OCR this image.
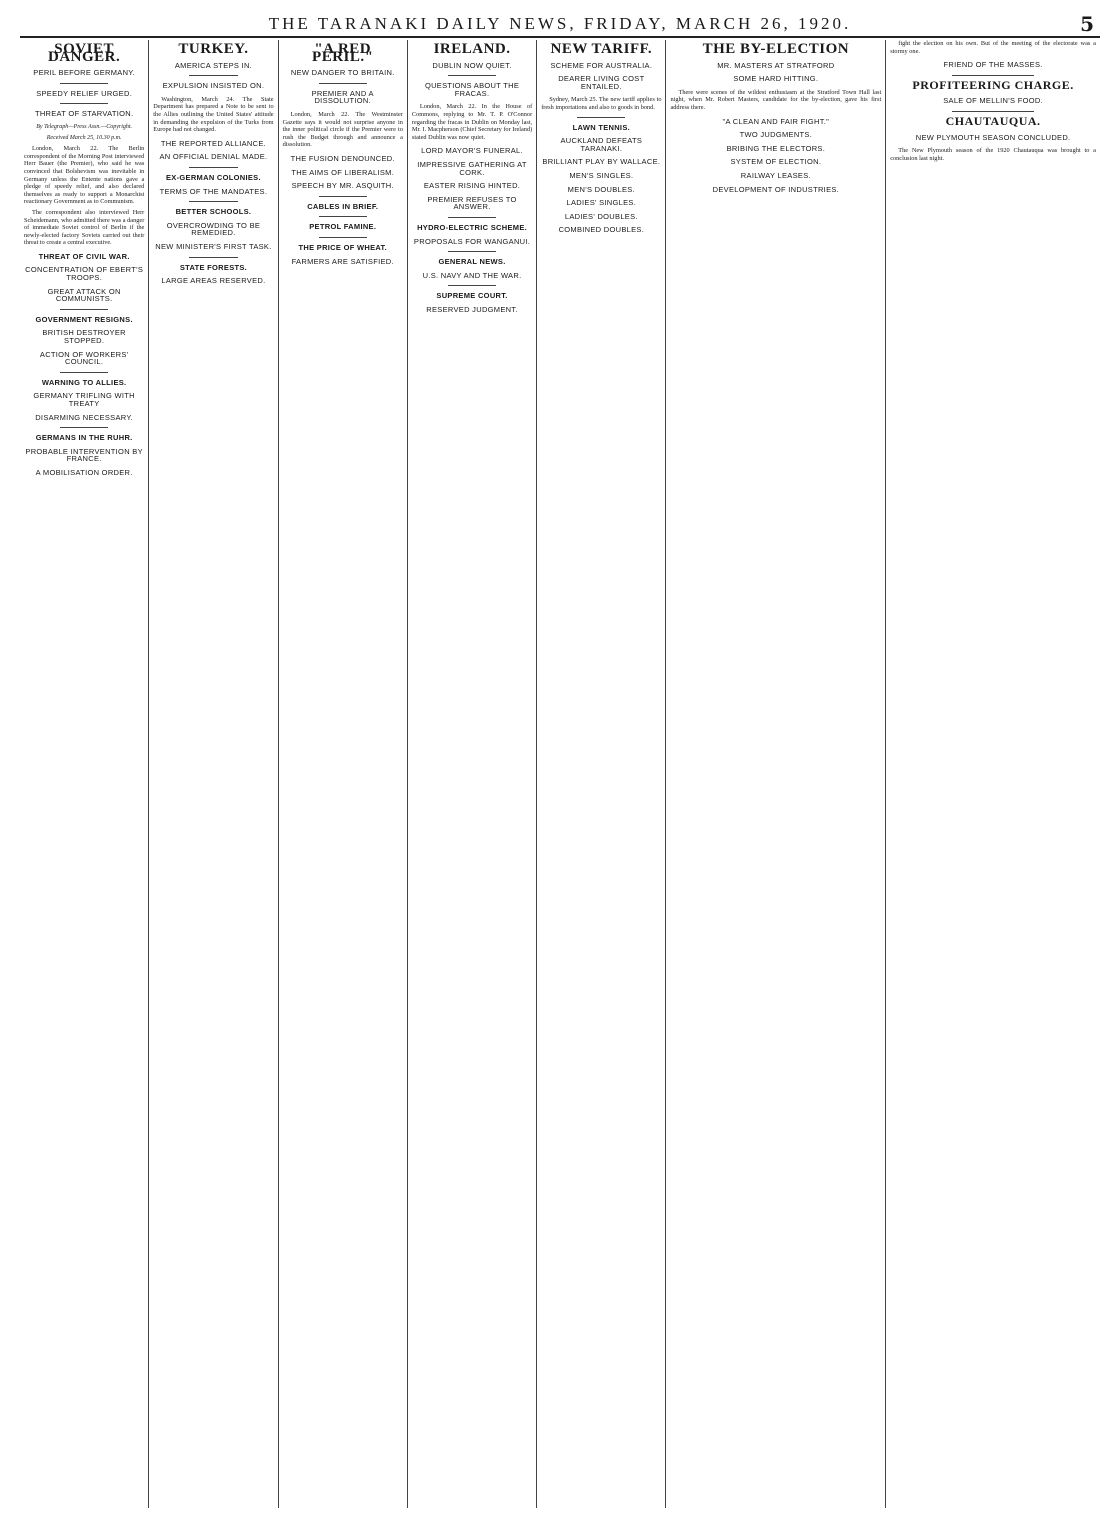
THE TARANAKI DAILY NEWS, FRIDAY, MARCH 26, 1920.	5
SOVIET DANGER.
PERIL BEFORE GERMANY.
SPEEDY RELIEF URGED.
THREAT OF STARVATION.
By Telegraph—Press Assn.—Copyright.
Received March 25, 10.30 p.m.

London, March 22. The Berlin correspondent of the Morning Post interviewed Herr Bauer (the Premier), who said he was convinced that Bolshevism was inevitable in Germany unless the Entente nations gave a pledge of speedy relief, and also declared themselves as ready to support a Monarchist reactionary Government as to Communism.

The correspondent also interviewed Herr Scheidemann, who admitted there was a danger of immediate Soviet control of Berlin if the newly-elected factory Soviets carried out their threat to create a central executive.

THREAT OF CIVIL WAR.
CONCENTRATION OF EBERT'S TROOPS.
GREAT ATTACK ON COMMUNISTS.
GOVERNMENT RESIGNS.
BRITISH DESTROYER STOPPED.
ACTION OF WORKERS' COUNCIL.
WARNING TO ALLIES.
GERMANY TRIFLING WITH TREATY
DISARMING NECESSARY.
GERMANS IN THE RUHR.
PROBABLE INTERVENTION BY FRANCE.
A MOBILISATION ORDER.
TURKEY.
AMERICA STEPS IN.
EXPULSION INSISTED ON.

Washington, March 24. The State Department has prepared a Note to be sent to the Allies outlining the United States' attitude in demanding the expulsion of the Turks from Europe had not changed.

THE REPORTED ALLIANCE.
AN OFFICIAL DENIAL MADE.
EX-GERMAN COLONIES.
TERMS OF THE MANDATES.
BETTER SCHOOLS.
OVERCROWDING TO BE REMEDIED.
NEW MINISTER'S FIRST TASK.
STATE FORESTS.
LARGE AREAS RESERVED.
"A RED PERIL."
NEW DANGER TO BRITAIN.
PREMIER AND A DISSOLUTION.

London, March 22. The Westminster Gazette says it would not surprise anyone in the inner political circle if the Premier were to rush the Budget through and announce a dissolution.

THE FUSION DENOUNCED.
THE AIMS OF LIBERALISM.
SPEECH BY MR. ASQUITH.
CABLES IN BRIEF.
PETROL FAMINE.
THE PRICE OF WHEAT.
FARMERS ARE SATISFIED.
IRELAND.
DUBLIN NOW QUIET.
QUESTIONS ABOUT THE FRACAS.

London, March 22. In the House of Commons, replying to Mr. T. P. O'Connor regarding the fracas in Dublin on Monday last, Mr. I. Macpherson (Chief Secretary for Ireland) stated Dublin was now quiet.

LORD MAYOR'S FUNERAL.
IMPRESSIVE GATHERING AT CORK.
EASTER RISING HINTED.
PREMIER REFUSES TO ANSWER.
HYDRO-ELECTRIC SCHEME.
PROPOSALS FOR WANGANUI.
GENERAL NEWS.
U.S. NAVY AND THE WAR.
SUPREME COURT.
RESERVED JUDGMENT.
NEW TARIFF.
SCHEME FOR AUSTRALIA.
DEARER LIVING COST ENTAILED.

Sydney, March 25. The new tariff applies to fresh importations and also to goods in bond.

LAWN TENNIS.
AUCKLAND DEFEATS TARANAKI.
BRILLIANT PLAY BY WALLACE.
MEN'S SINGLES.
MEN'S DOUBLES.
LADIES' SINGLES.
LADIES' DOUBLES.
COMBINED DOUBLES.
THE BY-ELECTION
MR. MASTERS AT STRATFORD
SOME HARD HITTING.

There were scenes of the wildest enthusiasm at the Stratford Town Hall last night, when Mr. Robert Masters, candidate for the by-election, gave his first address there.

"A CLEAN AND FAIR FIGHT."
TWO JUDGMENTS.
BRIBING THE ELECTORS.
SYSTEM OF ELECTION.
RAILWAY LEASES.
DEVELOPMENT OF INDUSTRIES.

fight the election on his own. But of the meeting of the electorate was a stormy one.

FRIEND OF THE MASSES.
PROFITEERING CHARGE.
SALE OF MELLIN'S FOOD.
CHAUTAUQUA.
NEW PLYMOUTH SEASON CONCLUDED.

The New Plymouth season of the 1920 Chautauqua was brought to a conclusion last night.
